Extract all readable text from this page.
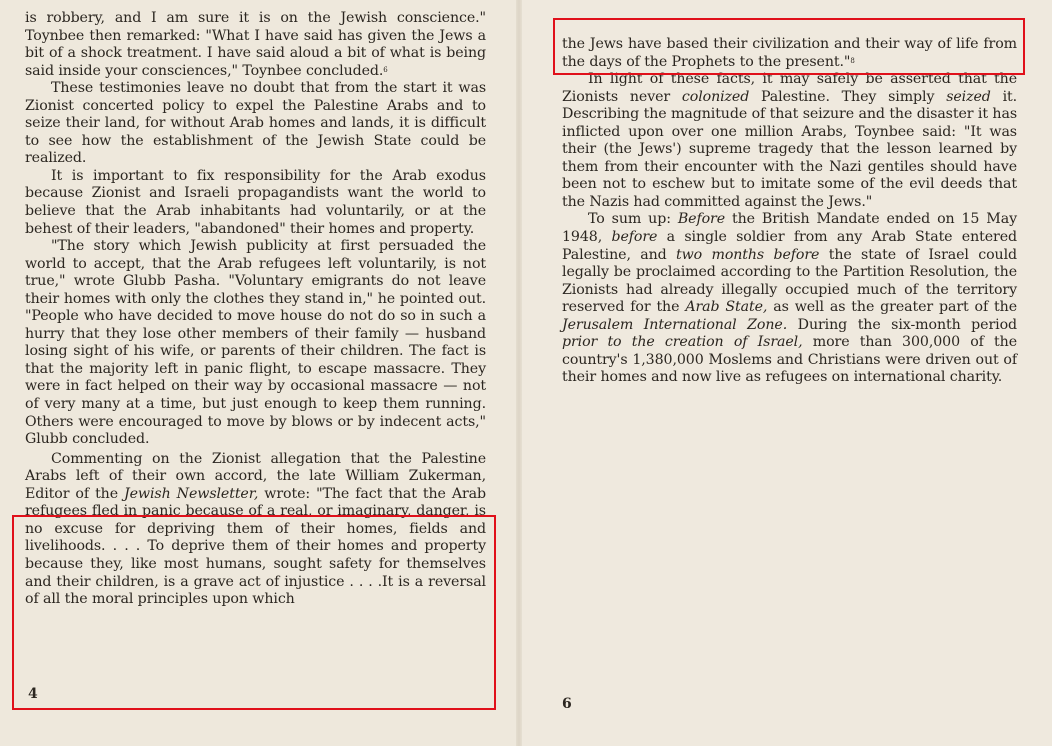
is robbery, and I am sure it is on the Jewish conscience." Toynbee then remarked: "What I have said has given the Jews a bit of a shock treatment. I have said aloud a bit of what is being said inside your consciences," Toynbee concluded.$^6$

These testimonies leave no doubt that from the start it was Zionist concerted policy to expel the Palestine Arabs and to seize their land, for without Arab homes and lands, it is difficult to see how the establishment of the Jewish State could be realized.

It is important to fix responsibility for the Arab exodus because Zionist and Israeli propagandists want the world to believe that the Arab inhabitants had voluntarily, or at the behest of their leaders, "abandoned" their homes and property.

"The story which Jewish publicity at first persuaded the world to accept, that the Arab refugees left voluntarily, is not true," wrote Glubb Pasha. "Voluntary emigrants do not leave their homes with only the clothes they stand in," he pointed out. "People who have decided to move house do not do so in such a hurry that they lose other members of their family — husband losing sight of his wife, or parents of their children. The fact is that the majority left in panic flight, to escape massacre. They were in fact helped on their way by occasional massacre — not of very many at a time, but just enough to keep them running. Others were encouraged to move by blows or by indecent acts," Glubb concluded.

Commenting on the Zionist allegation that the Palestine Arabs left of their own accord, the late William Zukerman, Editor of the Jewish Newsletter, wrote: "The fact that the Arab refugees fled in panic because of a real, or imaginary, danger, is no excuse for depriving them of their homes, fields and livelihoods. . . . To deprive them of their homes and property because they, like most humans, sought safety for themselves and their children, is a grave act of injustice . . . .It is a reversal of all the moral principles upon which

the Jews have based their civilization and their way of life from the days of the Prophets to the present."$^8$

In light of these facts, it may safely be asserted that the Zionists never colonized Palestine. They simply seized it. Describing the magnitude of that seizure and the disaster it has inflicted upon over one million Arabs, Toynbee said: "It was their (the Jews') supreme tragedy that the lesson learned by them from their encounter with the Nazi gentiles should have been not to eschew but to imitate some of the evil deeds that the Nazis had committed against the Jews."

To sum up: Before the British Mandate ended on 15 May 1948, before a single soldier from any Arab State entered Palestine, and two months before the state of Israel could legally be proclaimed according to the Partition Resolution, the Zionists had already illegally occupied much of the territory reserved for the Arab State, as well as the greater part of the Jerusalem International Zone. During the six-month period prior to the creation of Israel, more than 300,000 of the country's 1,380,000 Moslems and Christians were driven out of their homes and now live as refugees on international charity.

4
6
